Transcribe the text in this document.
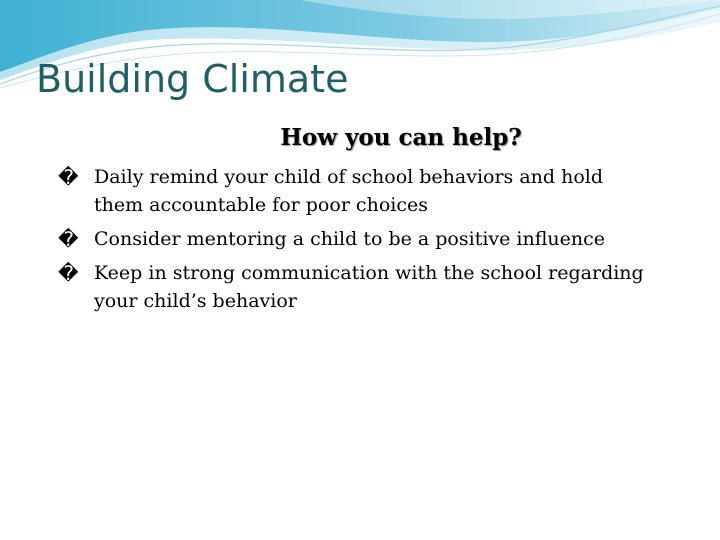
Building Climate
How you can help?
� Daily remind your child of school behaviors and hold them accountable for poor choices
� Consider mentoring a child to be a positive influence
� Keep in strong communication with the school regarding your child’s behavior
